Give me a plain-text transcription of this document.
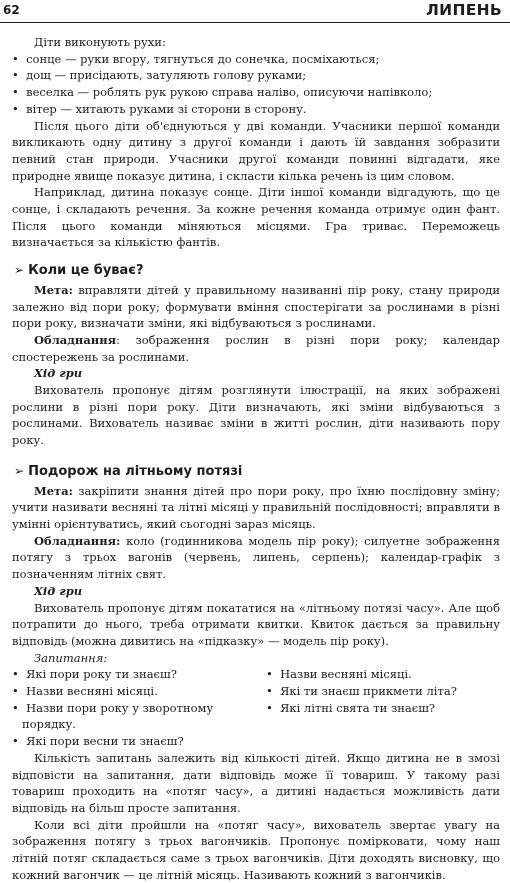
62	ЛИПЕНЬ

Діти виконують рухи:

•  сонце — руки вгору, тягнуться до сонечка, посміхаються;

•  дощ — присідають, затуляють голову руками;

•  веселка — роблять рук рукою справа наліво, описуючи напівколо;

•  вітер — хитають руками зі сторони в сторону.

Після цього діти об'єднуються у дві команди. Учасники першої команди викликають одну дитину з другої команди і дають їй завдання зобразити певний стан природи. Учасники другої команди повинні відгадати, яке природне явище показує дитина, і скласти кілька речень із цим словом.

Наприклад, дитина показує сонце. Діти іншої команди відгадують, що це сонце, і складають речення. За кожне речення команда отримує один фант. Після цього команди міняються місцями. Гра триває. Переможець визначається за кількістю фантів.

➢ Коли це буває?

Мета: вправляти дітей у правильному називанні пір року, стану природи залежно від пори року; формувати вміння спостерігати за рослинами в різні пори року, визначати зміни, які відбуваються з рослинами.

Обладнання: зображення рослин в різні пори року; календар спостережень за рослинами.

Хід гри

Вихователь пропонує дітям розглянути ілюстрації, на яких зображені рослини в різні пори року. Діти визначають, які зміни відбуваються з рослинами. Вихователь називає зміни в житті рослин, діти називають пору року.

➢ Подорож на літньому потязі

Мета: закріпити знання дітей про пори року, про їхню послідовну зміну; учити називати весняні та літні місяці у правильній послідовності; вправляти в умінні орієнтуватись, який сьогодні зараз місяць.

Обладнання: коло (годинникова модель пір року); силуетне зображення потягу з трьох вагонів (червень, липень, серпень); календар-графік з позначенням літніх свят.

Хід гри

Вихователь пропонує дітям покататися на «літньому потязі часу». Але щоб потрапити до нього, треба отримати квитки. Квиток дається за правильну відповідь (можна дивитись на «підказку» — модель пір року).

Запитання:

•  Які пори року ти знаєш?	•  Назви весняні місяці.
•  Назви весняні місяці.	•  Які ти знаєш прикмети літа?
•  Назви пори року у зворотному порядку.
•  Які літні свята ти знаєш?
•  Які пори весни ти знаєш?

Кількість запитань залежить від кількості дітей. Якщо дитина не в змозі відповісти на запитання, дати відповідь може її товариш. У такому разі товариш проходить на «потяг часу», а дитині надається можливість дати відповідь на більш просте запитання.

Коли всі діти пройшли на «потяг часу», вихователь звертає увагу на зображення потягу з трьох вагончиків. Пропонує помірковати, чому наш літній потяг складається саме з трьох вагончиків. Діти доходять висновку, що кожний вагончик — це літній місяць. Називають кожний з вагончиків.
